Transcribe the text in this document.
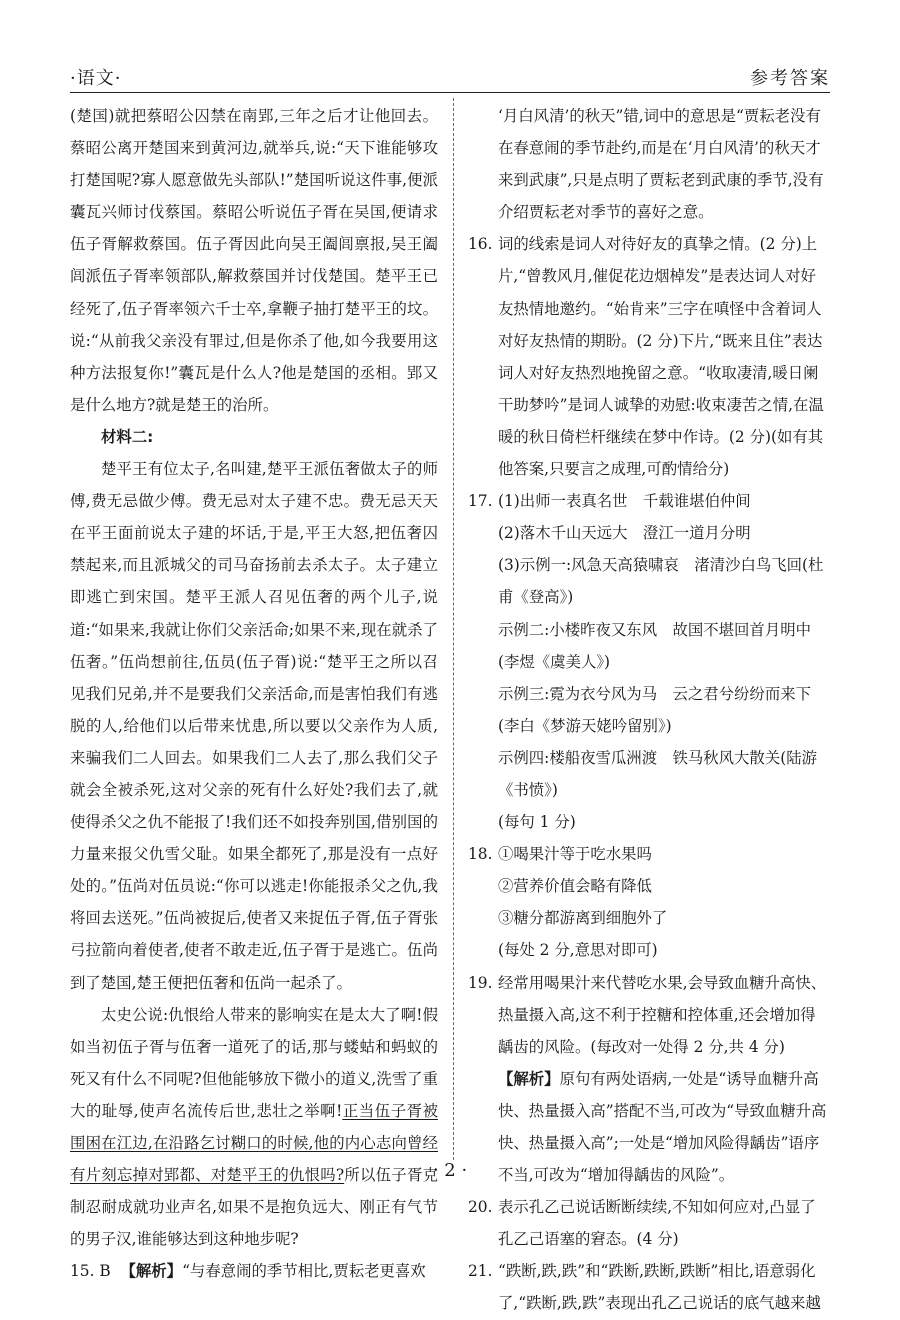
·语文·	参考答案

(楚国)就把蔡昭公囚禁在南郢,三年之后才让他回去。蔡昭公离开楚国来到黄河边,就举兵,说:“天下谁能够攻打楚国呢?寡人愿意做先头部队!”楚国听说这件事,便派囊瓦兴师讨伐蔡国。蔡昭公听说伍子胥在吴国,便请求伍子胥解救蔡国。伍子胥因此向吴王阖闾禀报,吴王阖闾派伍子胥率领部队,解救蔡国并讨伐楚国。楚平王已经死了,伍子胥率领六千士卒,拿鞭子抽打楚平王的坟。说:“从前我父亲没有罪过,但是你杀了他,如今我要用这种方法报复你!”囊瓦是什么人?他是楚国的丞相。郢又是什么地方?就是楚王的治所。

材料二:

楚平王有位太子,名叫建,楚平王派伍奢做太子的师傅,费无忌做少傅。费无忌对太子建不忠。费无忌天天在平王面前说太子建的坏话,于是,平王大怒,把伍奢囚禁起来,而且派城父的司马奋扬前去杀太子。太子建立即逃亡到宋国。楚平王派人召见伍奢的两个儿子,说道:“如果来,我就让你们父亲活命;如果不来,现在就杀了伍奢。”伍尚想前往,伍员(伍子胥)说:“楚平王之所以召见我们兄弟,并不是要我们父亲活命,而是害怕我们有逃脱的人,给他们以后带来忧患,所以要以父亲作为人质,来骗我们二人回去。如果我们二人去了,那么我们父子就会全被杀死,这对父亲的死有什么好处?我们去了,就使得杀父之仇不能报了!我们还不如投奔别国,借别国的力量来报父仇雪父耻。如果全都死了,那是没有一点好处的。”伍尚对伍员说:“你可以逃走!你能报杀父之仇,我将回去送死。”伍尚被捉后,使者又来捉伍子胥,伍子胥张弓拉箭向着使者,使者不敢走近,伍子胥于是逃亡。伍尚到了楚国,楚王便把伍奢和伍尚一起杀了。

太史公说:仇恨给人带来的影响实在是太大了啊!假如当初伍子胥与伍奢一道死了的话,那与蝼蛄和蚂蚁的死又有什么不同呢?但他能够放下微小的道义,洗雪了重大的耻辱,使声名流传后世,悲壮之举啊!正当伍子胥被围困在江边,在沿路乞讨糊口的时候,他的内心志向曾经有片刻忘掉对郢都、对楚平王的仇恨吗?所以伍子胥克制忍耐成就功业声名,如果不是抱负远大、刚正有气节的男子汉,谁能够达到这种地步呢?

15. B 【解析】“与春意闹的季节相比,贾耘老更喜欢

‘月白风清’的秋天”错,词中的意思是“贾耘老没有在春意闹的季节赴约,而是在‘月白风清’的秋天才来到武康”,只是点明了贾耘老到武康的季节,没有介绍贾耘老对季节的喜好之意。

16. 词的线索是词人对待好友的真挚之情。(2 分)上片,“曾教风月,催促花边烟棹发”是表达词人对好友热情地邀约。“始肯来”三字在嗔怪中含着词人对好友热情的期盼。(2 分)下片,“既来且住”表达词人对好友热烈地挽留之意。“收取凄清,暖日阑干助梦吟”是词人诚挚的劝慰:收束凄苦之情,在温暖的秋日倚栏杆继续在梦中作诗。(2 分)(如有其他答案,只要言之成理,可酌情给分)

17. (1)出师一表真名世　千载谁堪伯仲间

(2)落木千山天远大　澄江一道月分明

(3)示例一:风急天高猿啸哀　渚清沙白鸟飞回(杜甫《登高》)

示例二:小楼昨夜又东风　故国不堪回首月明中(李煜《虞美人》)

示例三:霓为衣兮风为马　云之君兮纷纷而来下(李白《梦游天姥吟留别》)

示例四:楼船夜雪瓜洲渡　铁马秋风大散关(陆游《书愤》)

(每句 1 分)

18. ①喝果汁等于吃水果吗

②营养价值会略有降低

③糖分都游离到细胞外了

(每处 2 分,意思对即可)

19. 经常用喝果汁来代替吃水果,会导致血糖升高快、热量摄入高,这不利于控糖和控体重,还会增加得龋齿的风险。(每改对一处得 2 分,共 4 分)

【解析】原句有两处语病,一处是“诱导血糖升高快、热量摄入高”搭配不当,可改为“导致血糖升高快、热量摄入高”;一处是“增加风险得龋齿”语序不当,可改为“增加得龋齿的风险”。

20. 表示孔乙己说话断断续续,不知如何应对,凸显了孔乙己语塞的窘态。(4 分)

21. “跌断,跌,跌”和“跌断,跌断,跌断”相比,语意弱化了,“跌断,跌,跌”表现出孔乙己说话的底气越来越

· 2 ·
